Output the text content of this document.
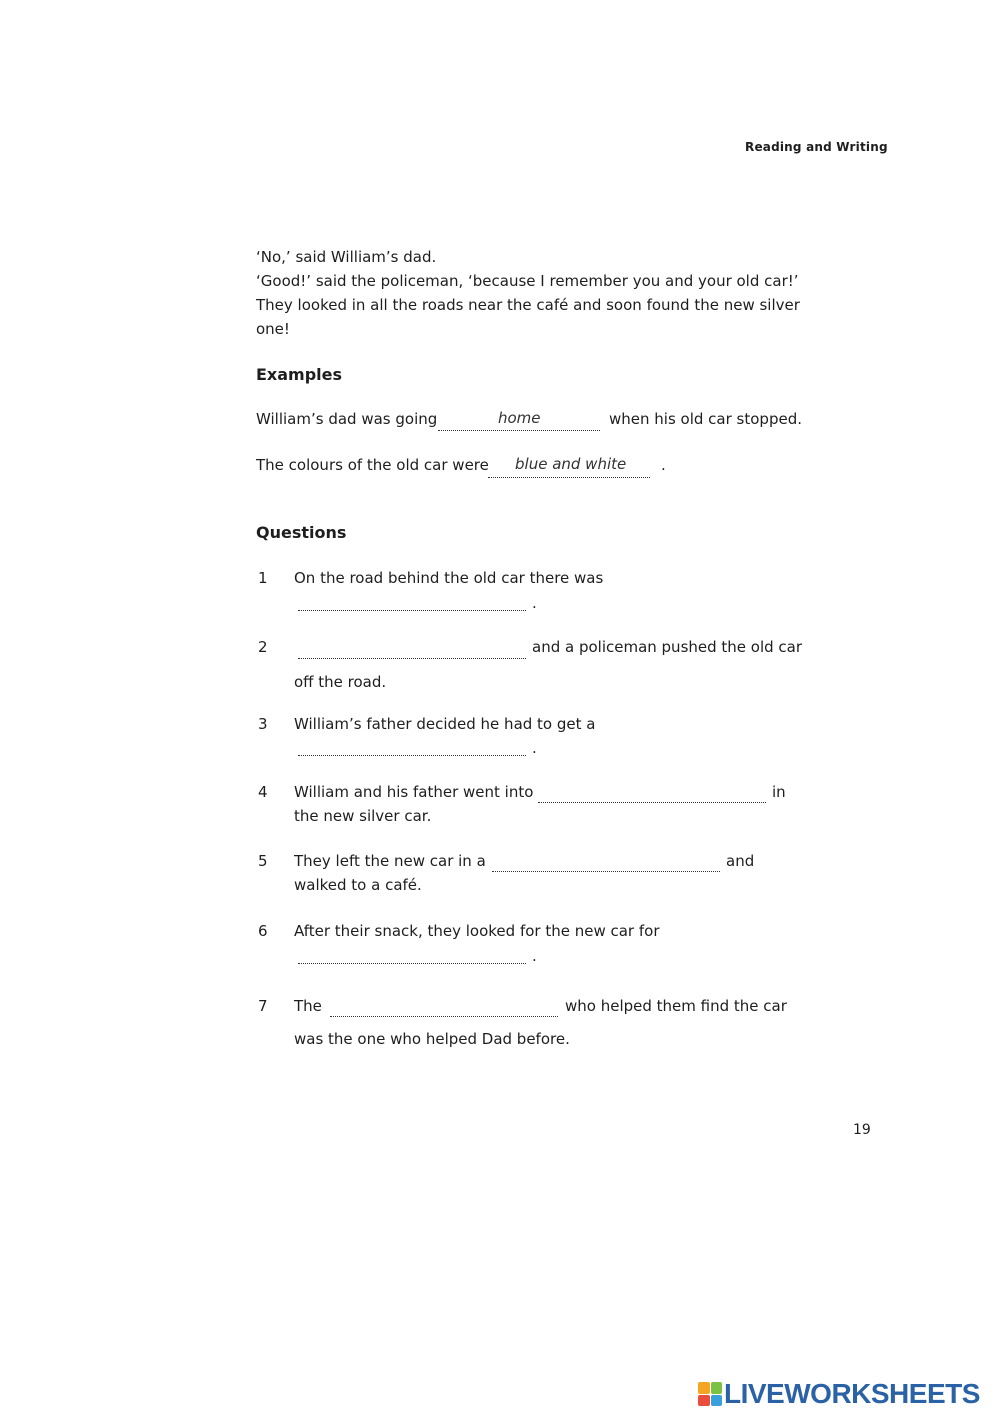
Reading and Writing
‘No,’ said William’s dad.
‘Good!’ said the policeman, ‘because I remember you and your old car!’
They looked in all the roads near the café and soon found the new silver
one!
Examples
William’s dad was going	home	when his old car stopped.
The colours of the old car were blue and white .
Questions
1 On the road behind the old car there was
.
2	and a policeman pushed the old car
off the road.
3 William’s father decided he had to get a
.
4 William and his father went into	in
the new silver car.
5 They left the new car in a	and
walked to a café.
6 After their snack, they looked for the new car for
.
7 The	who helped them find the car
was the one who helped Dad before.
19
LIVEWORKSHEETS
